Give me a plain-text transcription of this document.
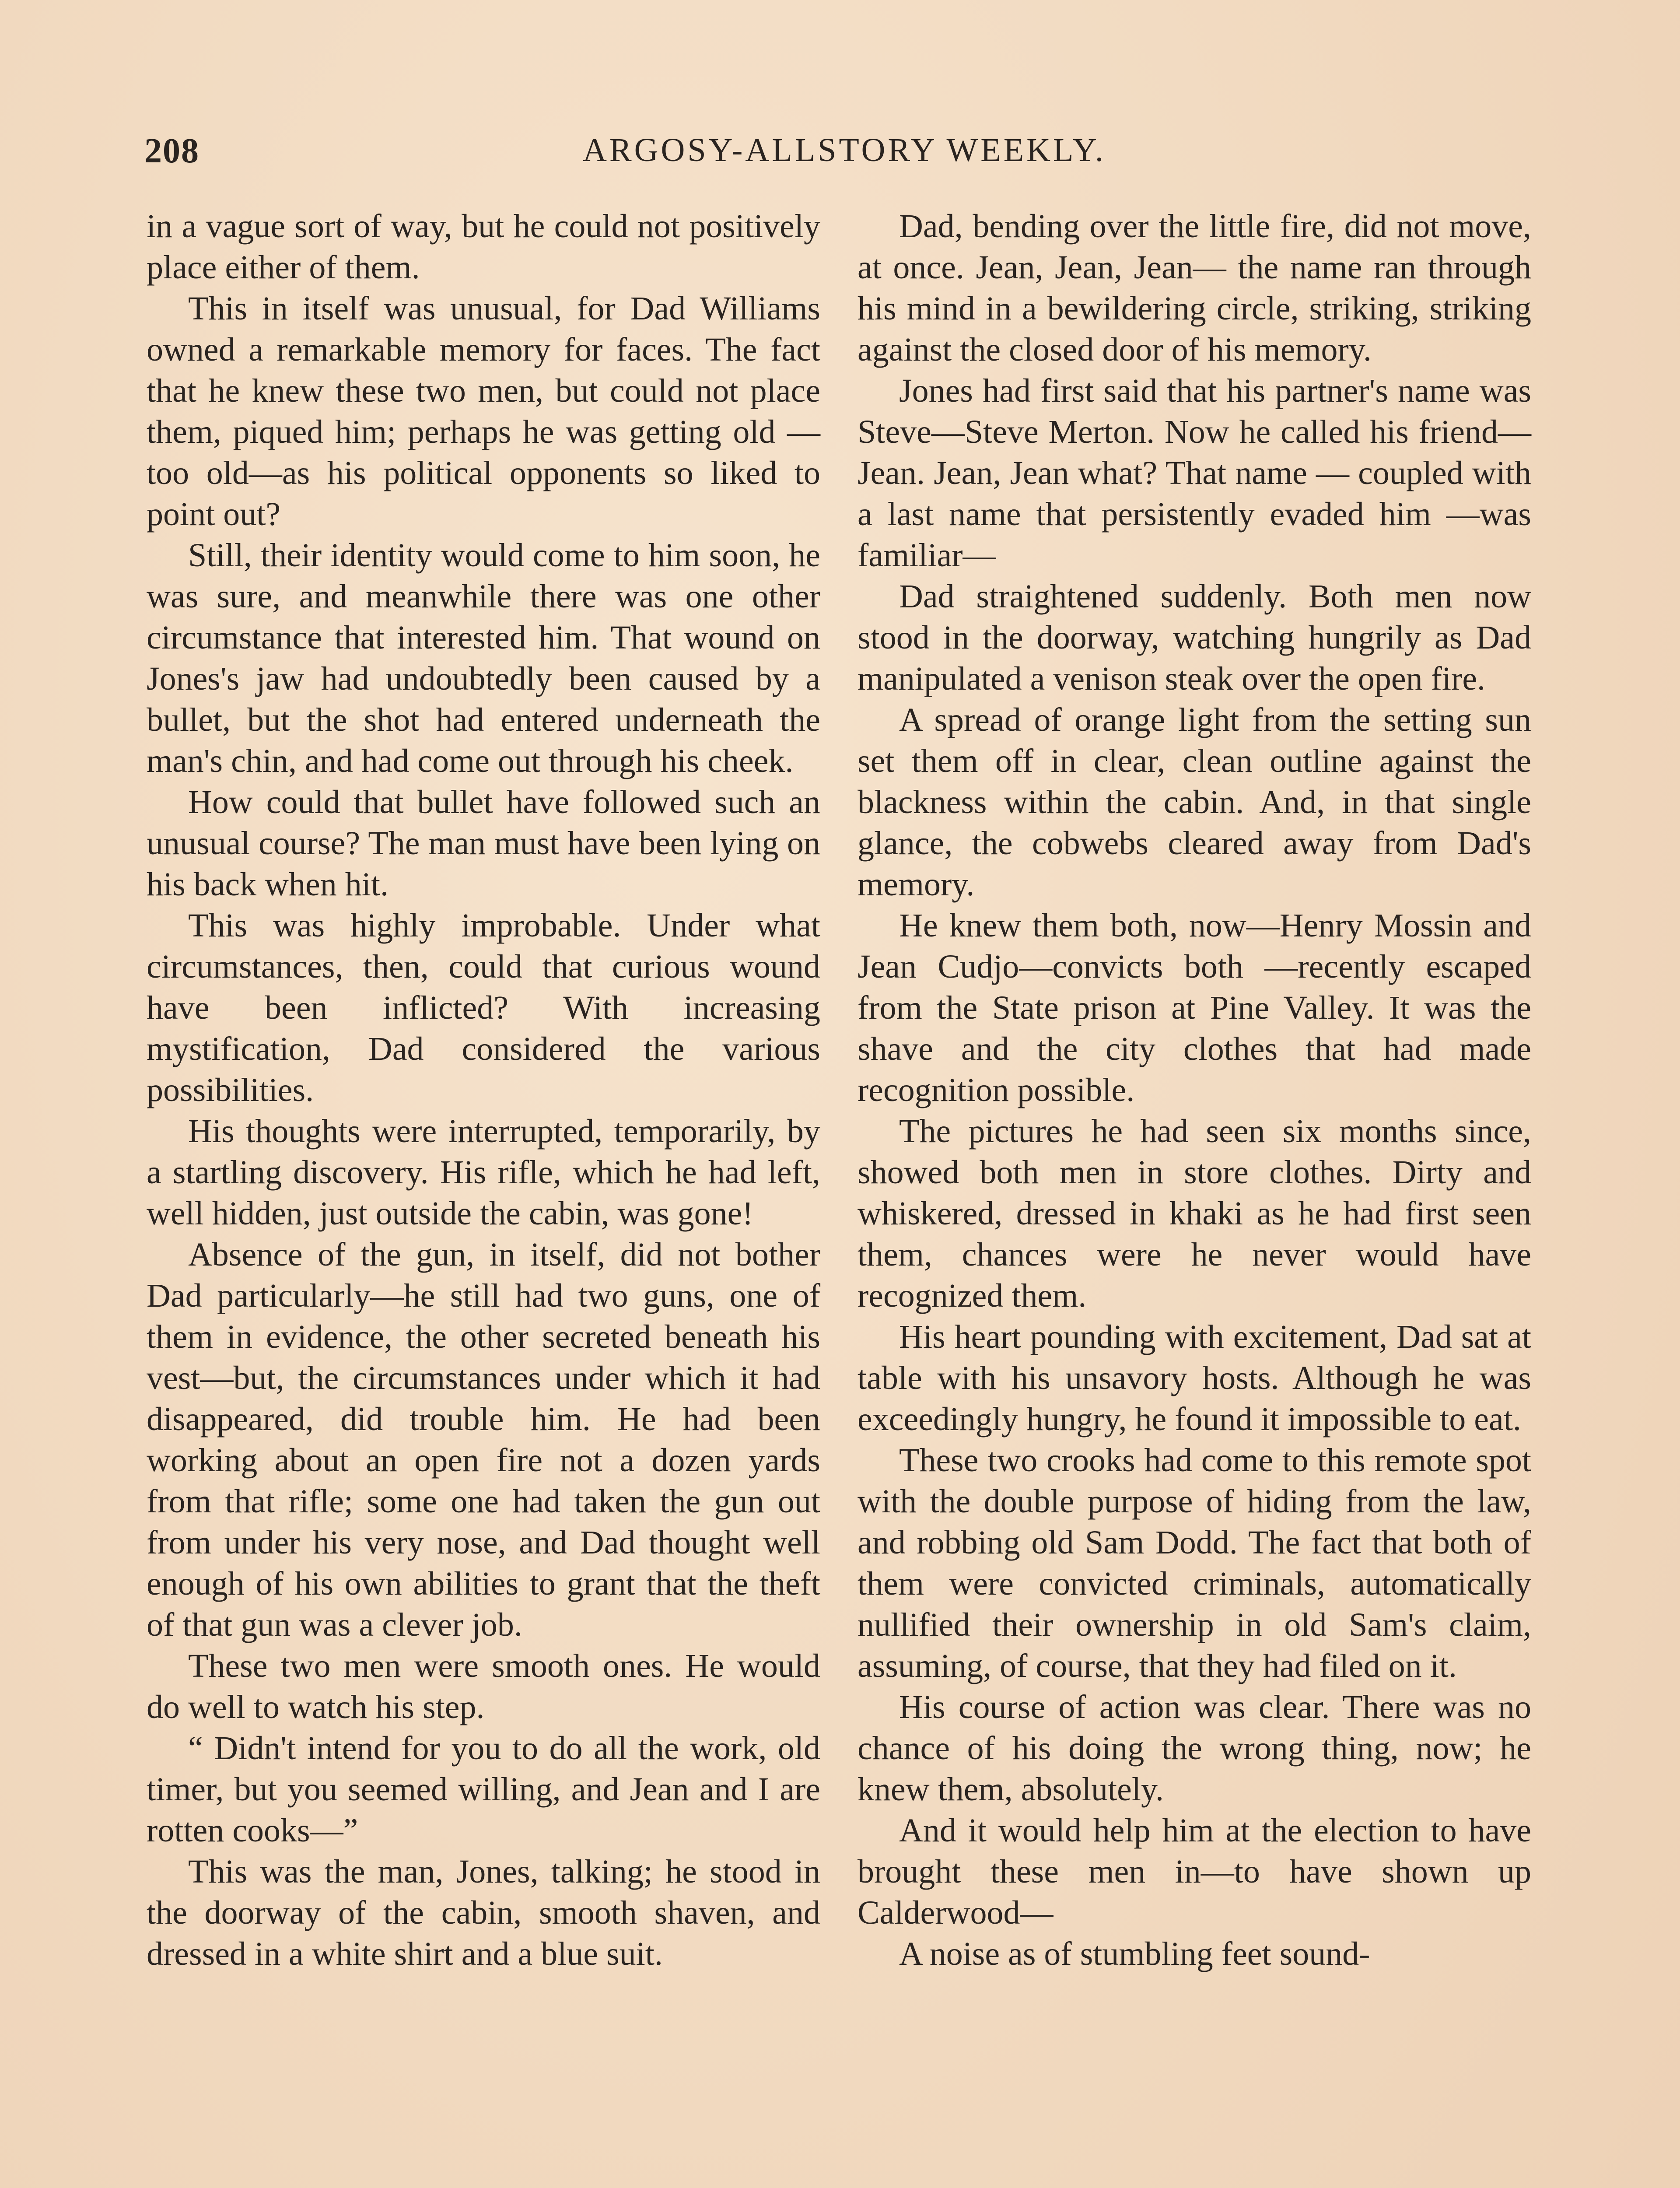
208	ARGOSY-ALLSTORY WEEKLY.

in a vague sort of way, but he could not positively place either of them.

This in itself was unusual, for Dad Williams owned a remarkable memory for faces. The fact that he knew these two men, but could not place them, piqued him; perhaps he was getting old —too old—as his political opponents so liked to point out?

Still, their identity would come to him soon, he was sure, and meanwhile there was one other circumstance that interested him. That wound on Jones's jaw had undoubtedly been caused by a bullet, but the shot had entered underneath the man's chin, and had come out through his cheek.

How could that bullet have followed such an unusual course? The man must have been lying on his back when hit.

This was highly improbable. Under what circumstances, then, could that curious wound have been inflicted? With increasing mystification, Dad considered the various possibilities.

His thoughts were interrupted, temporarily, by a startling discovery. His rifle, which he had left, well hidden, just outside the cabin, was gone!

Absence of the gun, in itself, did not bother Dad particularly—he still had two guns, one of them in evidence, the other secreted beneath his vest—but, the circumstances under which it had disappeared, did trouble him. He had been working about an open fire not a dozen yards from that rifle; some one had taken the gun out from under his very nose, and Dad thought well enough of his own abilities to grant that the theft of that gun was a clever job.

These two men were smooth ones. He would do well to watch his step.

“ Didn't intend for you to do all the work, old timer, but you seemed willing, and Jean and I are rotten cooks—”

This was the man, Jones, talking; he stood in the doorway of the cabin, smooth shaven, and dressed in a white shirt and a blue suit.

Dad, bending over the little fire, did not move, at once. Jean, Jean, Jean— the name ran through his mind in a bewildering circle, striking, striking against the closed door of his memory.

Jones had first said that his partner's name was Steve—Steve Merton. Now he called his friend—Jean. Jean, Jean what? That name — coupled with a last name that persistently evaded him —was familiar—

Dad straightened suddenly. Both men now stood in the doorway, watching hungrily as Dad manipulated a venison steak over the open fire.

A spread of orange light from the setting sun set them off in clear, clean outline against the blackness within the cabin. And, in that single glance, the cobwebs cleared away from Dad's memory.

He knew them both, now—Henry Mossin and Jean Cudjo—convicts both —recently escaped from the State prison at Pine Valley. It was the shave and the city clothes that had made recognition possible.

The pictures he had seen six months since, showed both men in store clothes. Dirty and whiskered, dressed in khaki as he had first seen them, chances were he never would have recognized them.

His heart pounding with excitement, Dad sat at table with his unsavory hosts. Although he was exceedingly hungry, he found it impossible to eat.

These two crooks had come to this remote spot with the double purpose of hiding from the law, and robbing old Sam Dodd. The fact that both of them were convicted criminals, automatically nullified their ownership in old Sam's claim, assuming, of course, that they had filed on it.

His course of action was clear. There was no chance of his doing the wrong thing, now; he knew them, absolutely.

And it would help him at the election to have brought these men in—to have shown up Calderwood—

A noise as of stumbling feet sound-
